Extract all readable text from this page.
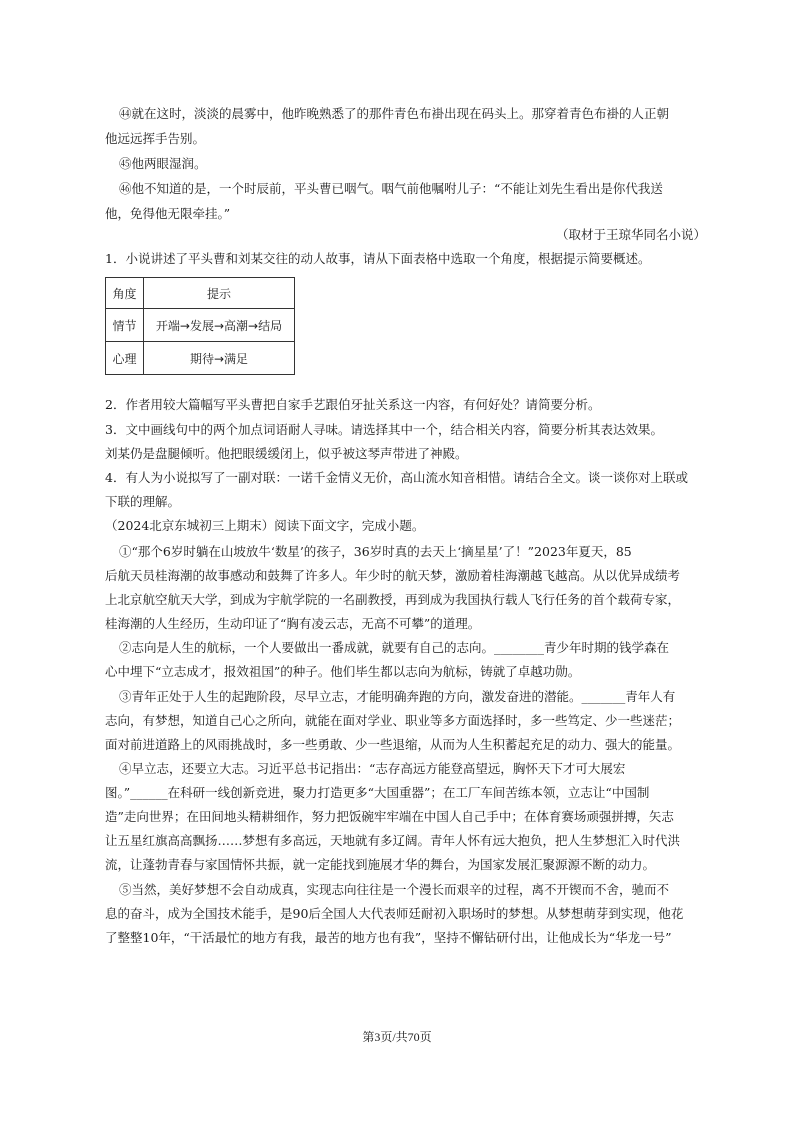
㊹就在这时，淡淡的晨雾中，他昨晚熟悉了的那件青色布褂出现在码头上。那穿着青色布褂的人正朝
他远远挥手告别。
㊺他两眼湿润。
㊻他不知道的是，一个时辰前，平头曹已咽气。咽气前他嘱咐儿子：“不能让刘先生看出是你代我送
他，免得他无限牵挂。”
（取材于王琼华同名小说）
1．小说讲述了平头曹和刘某交往的动人故事，请从下面表格中选取一个角度，根据提示简要概述。
角度	提示
情节	开端→发展→高潮→结局
心理	期待→满足
2．作者用较大篇幅写平头曹把自家手艺跟伯牙扯关系这一内容，有何好处？请简要分析。
3．文中画线句中的两个加点词语耐人寻味。请选择其中一个，结合相关内容，简要分析其表达效果。
刘某仍是盘腿倾听。他把眼缓缓闭上，似乎被这琴声带进了神殿。
4．有人为小说拟写了一副对联：一诺千金情义无价，高山流水知音相惜。请结合全文。谈一谈你对上联或
下联的理解。
（2024北京东城初三上期末）阅读下面文字，完成小题。
①“那个6岁时躺在山坡放牛‘数星’的孩子，36岁时真的去天上‘摘星星’了！”2023年夏天，85
后航天员桂海潮的故事感动和鼓舞了许多人。年少时的航天梦，激励着桂海潮越飞越高。从以优异成绩考
上北京航空航天大学，到成为宇航学院的一名副教授，再到成为我国执行载人飞行任务的首个载荷专家，
桂海潮的人生经历，生动印证了“胸有凌云志，无高不可攀”的道理。
②志向是人生的航标，一个人要做出一番成就，就要有自己的志向。________青少年时期的钱学森在
心中埋下“立志成才，报效祖国”的种子。他们毕生都以志向为航标，铸就了卓越功勋。
③青年正处于人生的起跑阶段，尽早立志，才能明确奔跑的方向，激发奋进的潜能。_______青年人有
志向，有梦想，知道自己心之所向，就能在面对学业、职业等多方面选择时，多一些笃定、少一些迷茫；
面对前进道路上的风雨挑战时，多一些勇敢、少一些退缩，从而为人生积蓄起充足的动力、强大的能量。
④早立志，还要立大志。习近平总书记指出：“志存高远方能登高望远，胸怀天下才可大展宏
图。”______在科研一线创新竞进，聚力打造更多“大国重器”；在工厂车间苦练本领，立志让“中国制
造”走向世界；在田间地头精耕细作，努力把饭碗牢牢端在中国人自己手中；在体育赛场顽强拼搏，矢志
让五星红旗高高飘扬……梦想有多高远，天地就有多辽阔。青年人怀有远大抱负，把人生梦想汇入时代洪
流，让蓬勃青春与家国情怀共振，就一定能找到施展才华的舞台，为国家发展汇聚源源不断的动力。
⑤当然，美好梦想不会自动成真，实现志向往往是一个漫长而艰辛的过程，离不开锲而不舍，驰而不
息的奋斗，成为全国技术能手，是90后全国人大代表师廷耐初入职场时的梦想。从梦想萌芽到实现，他花
了整整10年，“干活最忙的地方有我，最苦的地方也有我”，坚持不懈钻研付出，让他成长为“华龙一号”
第3页/共70页
